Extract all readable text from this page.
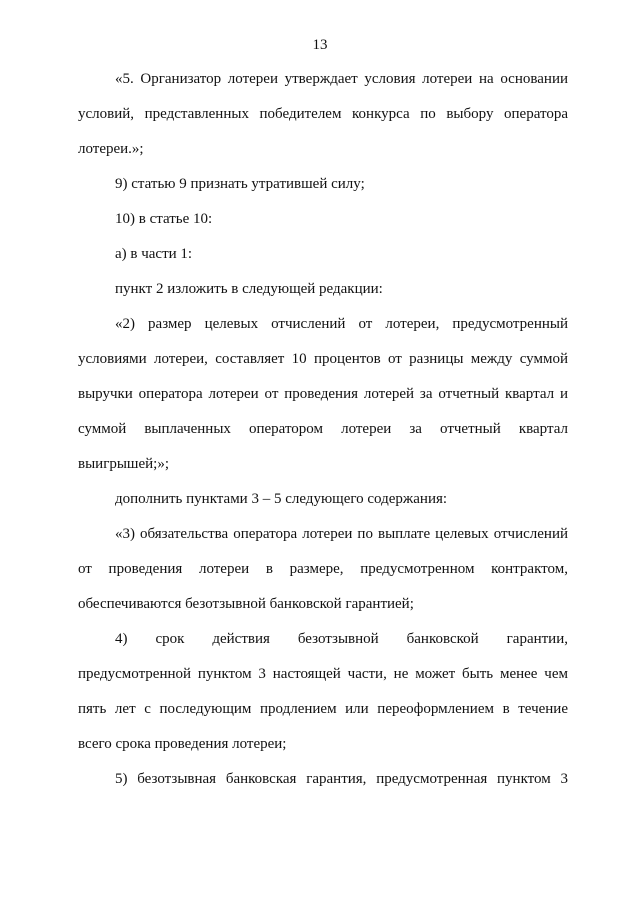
13
«5. Организатор лотереи утверждает условия лотереи на основании
условий, представленных победителем конкурса по выбору оператора
лотереи.»;
9) статью 9 признать утратившей силу;
10) в статье 10:
а) в части 1:
пункт 2 изложить в следующей редакции:
«2) размер целевых отчислений от лотереи, предусмотренный
условиями лотереи, составляет 10 процентов от разницы между суммой
выручки оператора лотереи от проведения лотерей за отчетный квартал и
суммой выплаченных оператором лотереи за отчетный квартал
выигрышей;»;
дополнить пунктами 3 – 5 следующего содержания:
«3) обязательства оператора лотереи по выплате целевых отчислений
от проведения лотереи в размере, предусмотренном контрактом,
обеспечиваются безотзывной банковской гарантией;
4) срок действия безотзывной банковской гарантии,
предусмотренной пунктом 3 настоящей части, не может быть менее чем
пять лет с последующим продлением или переоформлением в течение
всего срока проведения лотереи;
5) безотзывная банковская гарантия, предусмотренная пунктом 3
